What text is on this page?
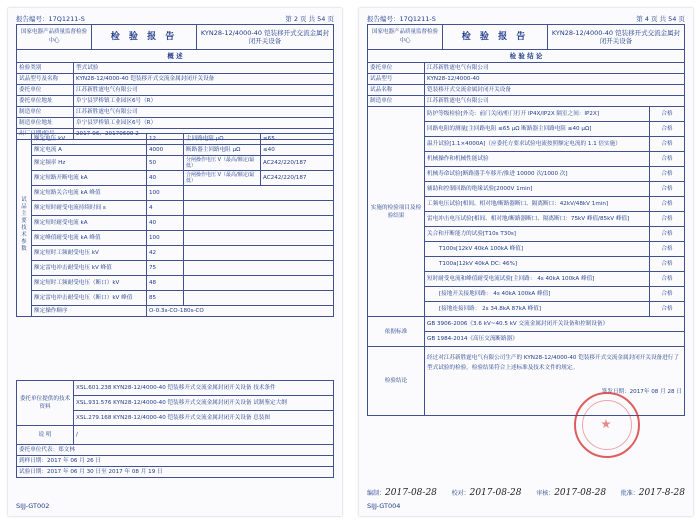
报告编号：17Q1211-S	第 2 页 共 54 页
国家电器产品质量监督检验中心	检 验 报 告	KYN28-12/4000-40 铠装移开式交流金属封闭开关设备
概 述	
检验类别	型式试验
试品型号及名称	KYN28-12/4000-40 铠装移开式交流金属封闭开关设备
委托单位	江苏新胜霆电气有限公司
委托单位地址	阜宁县罗桥镇工业园区6号（R）
制造单位	江苏新胜霆电气有限公司
制造单位地址	阜宁县罗桥镇工业园区6号（R）
出厂日期/编号	2017-06、20170600 2
试品主要技术参数	额定电压 kV	12	主回路电阻 μΩ	≤65
	额定电流 A	4000	断路器主回路电阻 μΩ	≤40
	额定频率 Hz	50	分闸操作电压 V（最高/额定/最低）	AC242/220/187
	额定短路开断电流 kA	40	合闸操作电压 V（最高/额定/最低）	AC242/220/187
	额定短路关合电流 kA 峰值	100		
	额定短时耐受电流持续时间 s	4		
	额定短时耐受电流 kA	40		
	额定峰值耐受电流 kA 峰值	100		
	额定短时工频耐受电压 kV	42		
	额定雷电冲击耐受电压 kV 峰值	75		
	额定短时工频耐受电压（断口）kV	48		
	额定雷电冲击耐受电压（断口）kV 峰值	85		
	额定操作顺序	O-0.3s-CO-180s-CO		
委托单位提供的技术资料	XSL.601.238 KYN28-12/4000-40 铠装移开式交流金属封闭开关设备 技术条件
	XSL.931.576 KYN28-12/4000-40 铠装移开式交流金属封闭开关设备 试制鉴定大纲
	XSL.279.168 KYN28-12/4000-40 铠装移开式交流金属封闭开关设备 总装图
说 明	/
委托单位代表：郑文林	
到样日期：2017 年 06 月 26 日	
试验日期：2017 年 06 月 30 日至 2017 年 08 月 19 日	
SIJJ-GT002
报告编号：17Q1211-S	第 4 页 共 54 页
国家电器产品质量监督检验中心	检 验 报 告	KYN28-12/4000-40 铠装移开式交流金属封闭开关设备
检 验 结 论		
委托单位	江苏新胜霆电气有限公司	
试品型号	KYN28-12/4000-40	
试品名称	铠装移开式交流金属封闭开关设备	
制造单位	江苏新胜霆电气有限公司	
实施的检验项目及检验结果	防护等级检验[外壳：前门关闭/柜门打开 IP4X/IP2X 隔室之间：IP2X]	合格
	回路电阻的测量[主回路电阻 ≤65 μΩ 断路器主回路电阻 ≤40 μΩ]	合格
	温升试验[1.1×4000A]（应委托方要求试验电流按照额定电流的 1.1 倍实施）	合格
	机械操作和机械性能试验	合格
	机械寿命试验[断路器手车移开/推进 10000 次/1000 次]	合格
	辅助和控制回路的绝缘试验[2000V 1min]	合格
	工频电压试验[相间、相对地/断路器断口、隔离断口：42kV/48kV 1min]	合格
	雷电冲击电压试验[相间、相对地/断路器断口、隔离断口：75kV 峰值/85kV 峰值]	合格
	关合和开断能力的试验[T10s T30s]	合格
	T100s[12kV 40kA 100kA 峰值]	合格
	T100a[12kV 40kA DC: 46%]	合格
	短时耐受电流和峰值耐受电流试验[主回路： 4s 40kA 100kA 峰值]	合格
	[接地开关接地回路： 4s 40kA 100kA 峰值]	合格
	[接地连接回路： 2s 34.8kA 87kA 峰值]	合格
依据标准	GB 3906-2006《3.6 kV~40.5 kV 交流金属封闭开关设备和控制设备》	
	GB 1984-2014《高压交流断路器》	
检验结论	经过对江苏新胜霆电气有限公司生产的 KYN28-12/4000-40 铠装移开式交流金属封闭开关设备进行了型式试验的检验，检验结果符合上述标准及技术文件的规定。
签发日期：2017年 08 月 28 日	
编制：2017-08-28 校对：2017-08-28 审核：2017-08-28 批准：2017-8-28
SIJJ-GT004
